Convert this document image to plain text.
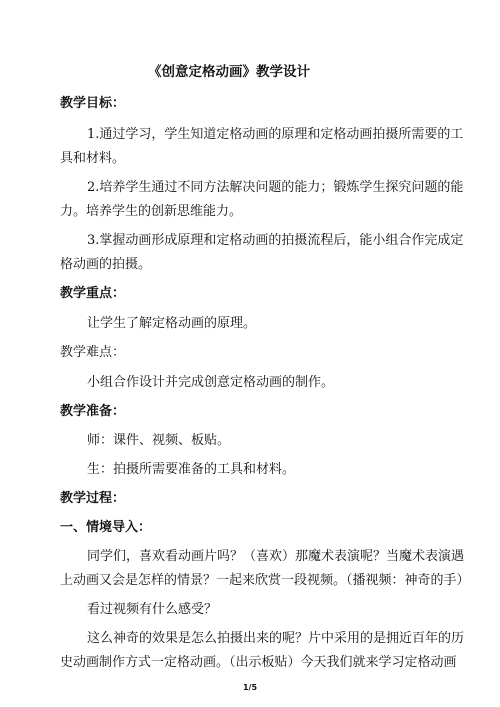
《创意定格动画》教学设计
教学目标：
1.通过学习，学生知道定格动画的原理和定格动画拍摄所需要的工
具和材料。
2.培养学生通过不同方法解决问题的能力；锻炼学生探究问题的能
力。培养学生的创新思维能力。
3.掌握动画形成原理和定格动画的拍摄流程后，能小组合作完成定
格动画的拍摄。
教学重点：
让学生了解定格动画的原理。
教学难点：
小组合作设计并完成创意定格动画的制作。
教学准备：
师：课件、视频、板贴。
生：拍摄所需要准备的工具和材料。
教学过程：
一、情境导入：
同学们，喜欢看动画片吗？（喜欢）那魔术表演呢？当魔术表演遇
上动画又会是怎样的情景？一起来欣赏一段视频。（播视频：神奇的手）
看过视频有什么感受？
这么神奇的效果是怎么拍摄出来的呢？片中采用的是拥近百年的历
史动画制作方式一定格动画。（出示板贴）今天我们就来学习定格动画
1/5
